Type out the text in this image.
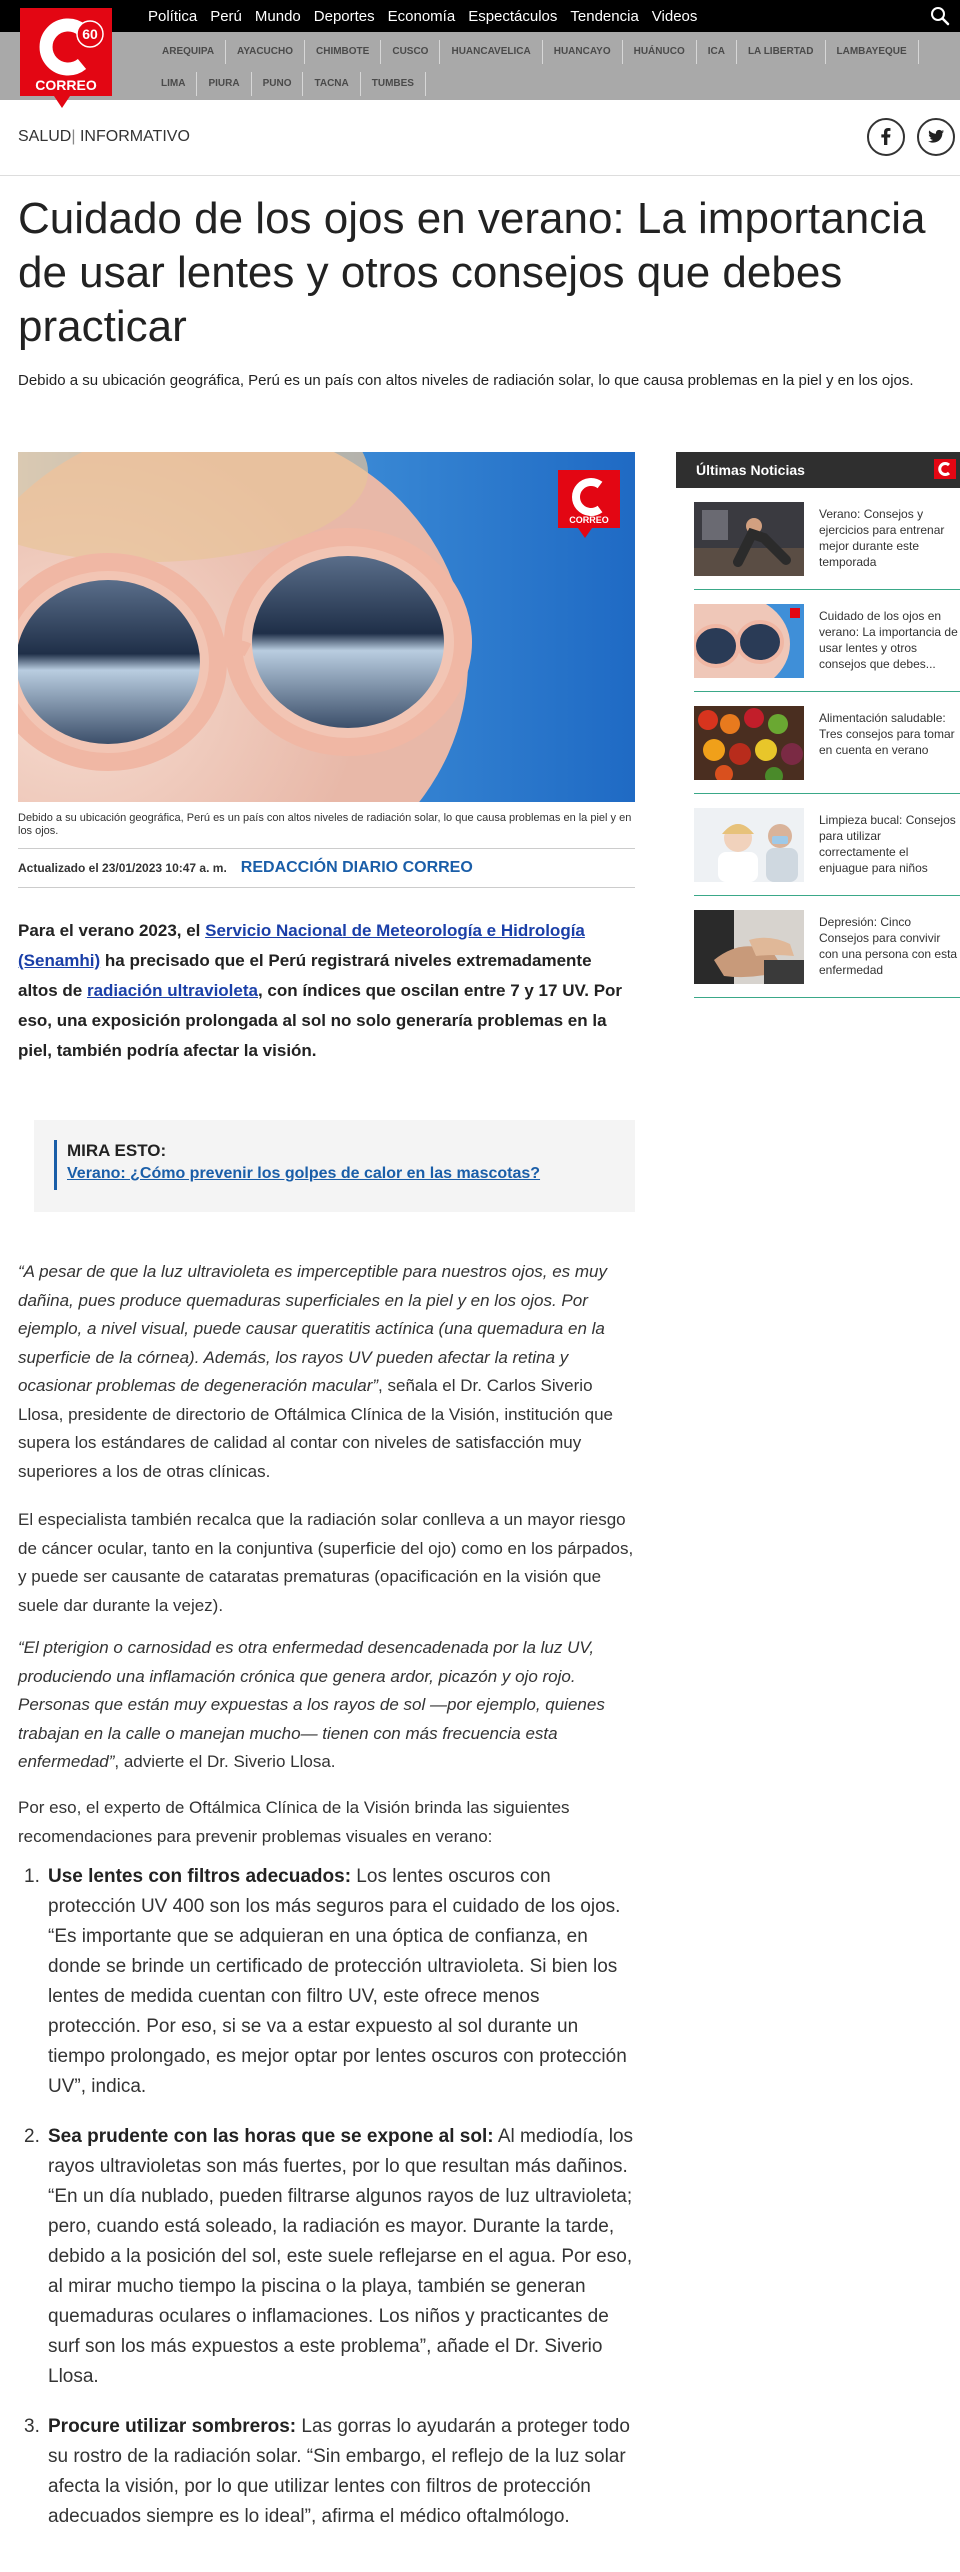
Política Perú Mundo Deportes Economía Espectáculos Tendencia Videos
AREQUIPA	AYACUCHO	CHIMBOTE	CUSCO	HUANCAVELICA	HUANCAYO	HUÁNUCO	ICA	LA LIBERTAD	LAMBAYEQUE
LIMA	PIURA	PUNO	TACNA	TUMBES
60
CORREO
SALUD| INFORMATIVO
Cuidado de los ojos en verano: La importancia de usar lentes y otros consejos que debes practicar

Debido a su ubicación geográfica, Perú es un país con altos niveles de radiación solar, lo que causa problemas en la piel y en los ojos.

CORREO

Debido a su ubicación geográfica, Perú es un país con altos niveles de radiación solar, lo que causa problemas en la piel y en los ojos.

Actualizado el 23/01/2023 10:47 a. m. REDACCIÓN DIARIO CORREO

Para el verano 2023, el Servicio Nacional de Meteorología e Hidrología (Senamhi) ha precisado que el Perú registrará niveles extremadamente altos de radiación ultravioleta, con índices que oscilan entre 7 y 17 UV. Por eso, una exposición prolongada al sol no solo generaría problemas en la piel, también podría afectar la visión.

MIRA ESTO:
Verano: ¿Cómo prevenir los golpes de calor en las mascotas?

“A pesar de que la luz ultravioleta es imperceptible para nuestros ojos, es muy dañina, pues produce quemaduras superficiales en la piel y en los ojos. Por ejemplo, a nivel visual, puede causar queratitis actínica (una quemadura en la superficie de la córnea). Además, los rayos UV pueden afectar la retina y ocasionar problemas de degeneración macular”, señala el Dr. Carlos Siverio Llosa, presidente de directorio de Oftálmica Clínica de la Visión, institución que supera los estándares de calidad al contar con niveles de satisfacción muy superiores a los de otras clínicas.

El especialista también recalca que la radiación solar conlleva a un mayor riesgo de cáncer ocular, tanto en la conjuntiva (superficie del ojo) como en los párpados, y puede ser causante de cataratas prematuras (opacificación en la visión que suele dar durante la vejez).

“El pterigion o carnosidad es otra enfermedad desencadenada por la luz UV, produciendo una inflamación crónica que genera ardor, picazón y ojo rojo. Personas que están muy expuestas a los rayos de sol —por ejemplo, quienes trabajan en la calle o manejan mucho— tienen con más frecuencia esta enfermedad”, advierte el Dr. Siverio Llosa.

Por eso, el experto de Oftálmica Clínica de la Visión brinda las siguientes recomendaciones para prevenir problemas visuales en verano:

1. Use lentes con filtros adecuados: Los lentes oscuros con protección UV 400 son los más seguros para el cuidado de los ojos. “Es importante que se adquieran en una óptica de confianza, en donde se brinde un certificado de protección ultravioleta. Si bien los lentes de medida cuentan con filtro UV, este ofrece menos protección. Por eso, si se va a estar expuesto al sol durante un tiempo prolongado, es mejor optar por lentes oscuros con protección UV”, indica.
2. Sea prudente con las horas que se expone al sol: Al mediodía, los rayos ultravioletas son más fuertes, por lo que resultan más dañinos. “En un día nublado, pueden filtrarse algunos rayos de luz ultravioleta; pero, cuando está soleado, la radiación es mayor. Durante la tarde, debido a la posición del sol, este suele reflejarse en el agua. Por eso, al mirar mucho tiempo la piscina o la playa, también se generan quemaduras oculares o inflamaciones. Los niños y practicantes de surf son los más expuestos a este problema”, añade el Dr. Siverio Llosa.
3. Procure utilizar sombreros: Las gorras lo ayudarán a proteger todo su rostro de la radiación solar. “Sin embargo, el reflejo de la luz solar afecta la visión, por lo que utilizar lentes con filtros de protección adecuados siempre es lo ideal”, afirma el médico oftalmólogo.
Últimas Noticias
Verano: Consejos y ejercicios para entrenar mejor durante este temporada
Cuidado de los ojos en verano: La importancia de usar lentes y otros consejos que debes...
Alimentación saludable: Tres consejos para tomar en cuenta en verano
Limpieza bucal: Consejos para utilizar correctamente el enjuague para niños
Depresión: Cinco Consejos para convivir con una persona con esta enfermedad
